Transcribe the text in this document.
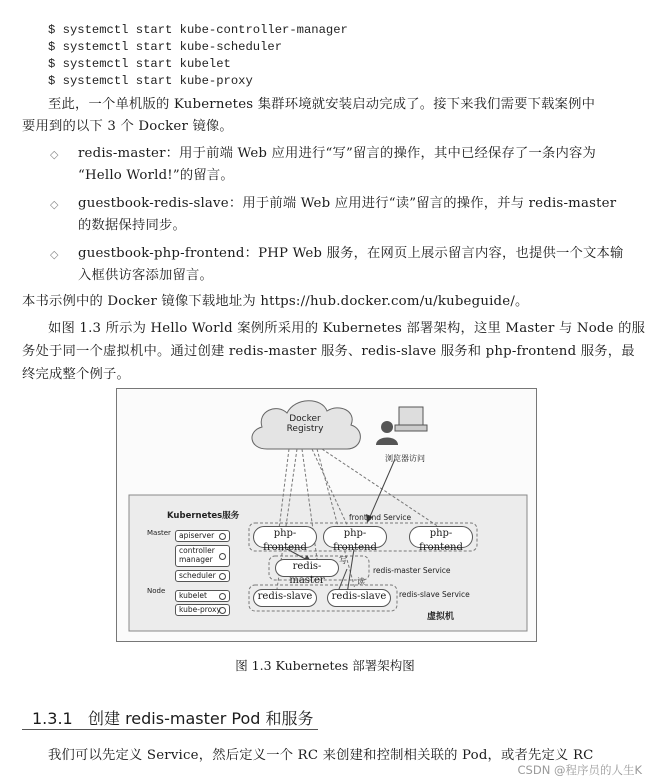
$ systemctl start kube-controller-manager
$ systemctl start kube-scheduler
$ systemctl start kubelet
$ systemctl start kube-proxy
至此，一个单机版的 Kubernetes 集群环境就安装启动完成了。接下来我们需要下载案例中
要用到的以下 3 个 Docker 镜像。
◇ redis-master：用于前端 Web 应用进行“写”留言的操作，其中已经保存了一条内容为
“Hello World!”的留言。
◇ guestbook-redis-slave：用于前端 Web 应用进行“读”留言的操作，并与 redis-master
的数据保持同步。
◇ guestbook-php-frontend：PHP Web 服务，在网页上展示留言内容，也提供一个文本输
入框供访客添加留言。
本书示例中的 Docker 镜像下载地址为 https://hub.docker.com/u/kubeguide/。
如图 1.3 所示为 Hello World 案例所采用的 Kubernetes 部署架构，这里 Master 与 Node 的服
务处于同一个虚拟机中。通过创建 redis-master 服务、redis-slave 服务和 php-frontend 服务，最
终完成整个例子。
Docker
Registry
浏览器访问
Kubernetes服务
Master
Node
apiserver
controller manager
scheduler
kubelet
kube-proxy
frontend Service
php-frontend
php-frontend
php-frontend
redis-master
写
读
redis-master Service
redis-slave	redis-slave	redis-slave Service
虚拟机
图 1.3 Kubernetes 部署架构图
1.3.1 创建 redis-master Pod 和服务
我们可以先定义 Service，然后定义一个 RC 来创建和控制相关联的 Pod，或者先定义 RC
CSDN @程序员的人生K
